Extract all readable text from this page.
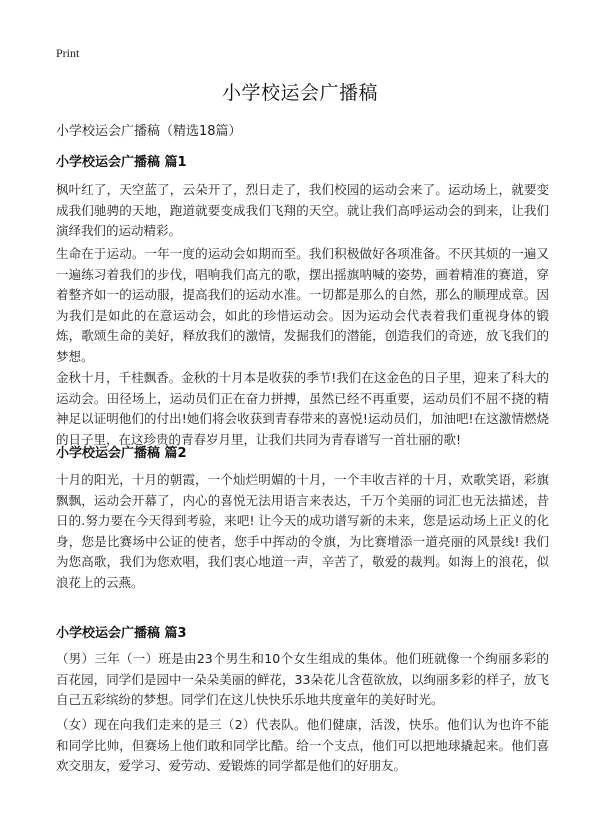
Print
小学校运会广播稿
小学校运会广播稿（精选18篇）
小学校运会广播稿 篇1

枫叶红了，天空蓝了，云朵开了，烈日走了，我们校园的运动会来了。运动场上，就要变成我们驰骋的天地，跑道就要变成我们飞翔的天空。就让我们高呼运动会的到来，让我们演绎我们的运动精彩。

生命在于运动。一年一度的运动会如期而至。我们积极做好各项准备。不厌其烦的一遍又一遍练习着我们的步伐，唱响我们高亢的歌，摆出摇旗呐喊的姿势，画着精准的赛道，穿着整齐如一的运动服，提高我们的运动水准。一切都是那么的自然，那么的顺理成章。因为我们是如此的在意运动会，如此的珍惜运动会。因为运动会代表着我们重视身体的锻炼，歌颂生命的美好，释放我们的激情，发掘我们的潜能，创造我们的奇迹，放飞我们的梦想。

金秋十月，千桂飘香。金秋的十月本是收获的季节!我们在这金色的日子里，迎来了科大的运动会。田径场上，运动员们正在奋力拼搏，虽然已经不再重要，运动员们不屈不挠的精神足以证明他们的付出!她们将会收获到青春带来的喜悦!运动员们，加油吧!在这激情燃烧的日子里，在这珍贵的青春岁月里，让我们共同为青春谱写一首壮丽的歌!

小学校运会广播稿 篇2

十月的阳光，十月的朝霞，一个灿烂明媚的十月，一个丰收吉祥的十月，欢歌笑语，彩旗飘飘，运动会开幕了，内心的喜悦无法用语言来表达，千万个美丽的词汇也无法描述，昔日的.努力要在今天得到考验，来吧! 让今天的成功谱写新的未来，您是运动场上正义的化身，您是比赛场中公证的使者，您手中挥动的令旗，为比赛增添一道亮丽的风景线! 我们为您高歌，我们为您欢唱，我们衷心地道一声，辛苦了，敬爱的裁判。如海上的浪花，似浪花上的云燕。

小学校运会广播稿 篇3

（男）三年（一）班是由23个男生和10个女生组成的集体。他们班就像一个绚丽多彩的百花园，同学们是园中一朵朵美丽的鲜花，33朵花儿含苞欲放，以绚丽多彩的样子，放飞自己五彩缤纷的梦想。同学们在这儿快快乐乐地共度童年的美好时光。

（女）现在向我们走来的是三（2）代表队。他们健康，活泼，快乐。他们认为也许不能和同学比帅，但赛场上他们敢和同学比酷。给一个支点，他们可以把地球撬起来。他们喜欢交朋友，爱学习、爱劳动、爱锻炼的同学都是他们的好朋友。
